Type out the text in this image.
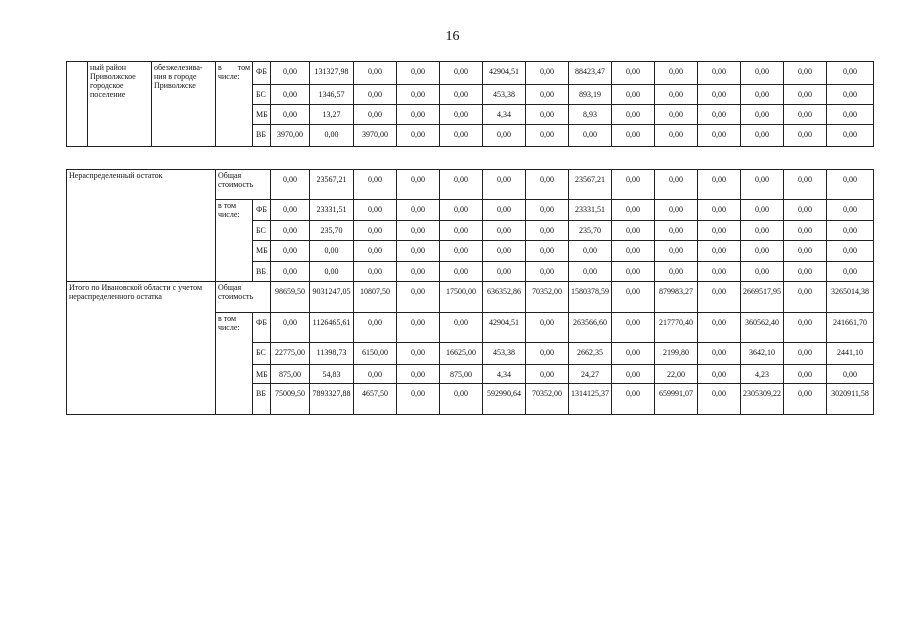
16
	ный район Приволжское городское поселение	обезжелезива-ния в городе Приволжске	в том числе:	ФБ	0,00	131327,98	0,00	0,00	0,00	42904,51	0,00	88423,47	0,00	0,00	0,00	0,00	0,00	0,00
				БС	0,00	1346,57	0,00	0,00	0,00	453,38	0,00	893,19	0,00	0,00	0,00	0,00	0,00	0,00
				МБ	0,00	13,27	0,00	0,00	0,00	4,34	0,00	8,93	0,00	0,00	0,00	0,00	0,00	0,00
				ВБ	3970,00	0,00	3970,00	0,00	0,00	0,00	0,00	0,00	0,00	0,00	0,00	0,00	0,00	0,00
Нераспределенный остаток	Общая стоимость		0,00	23567,21	0,00	0,00	0,00	0,00	0,00	23567,21	0,00	0,00	0,00	0,00	0,00	0,00
	в том числе:	ФБ	0,00	23331,51	0,00	0,00	0,00	0,00	0,00	23331,51	0,00	0,00	0,00	0,00	0,00	0,00
		БС	0,00	235,70	0,00	0,00	0,00	0,00	0,00	235,70	0,00	0,00	0,00	0,00	0,00	0,00
		МБ	0,00	0,00	0,00	0,00	0,00	0,00	0,00	0,00	0,00	0,00	0,00	0,00	0,00	0,00
		ВБ	0,00	0,00	0,00	0,00	0,00	0,00	0,00	0,00	0,00	0,00	0,00	0,00	0,00	0,00
Итого по Ивановской области с учетом нераспределенного остатка	Общая стоимость		98659,50	9031247,05	10807,50	0,00	17500,00	636352,86	70352,00	1580378,59	0,00	879983,27	0,00	2669517,95	0,00	3265014,38
	в том числе:	ФБ	0,00	1126465,61	0,00	0,00	0,00	42904,51	0,00	263566,60	0,00	217770,40	0,00	360562,40	0,00	241661,70
		БС	22775,00	11398,73	6150,00	0,00	16625,00	453,38	0,00	2662,35	0,00	2199,80	0,00	3642,10	0,00	2441,10
		МБ	875,00	54,83	0,00	0,00	875,00	4,34	0,00	24,27	0,00	22,00	0,00	4,23	0,00	0,00
		ВБ	75009,50	7893327,88	4657,50	0,00	0,00	592990,64	70352,00	1314125,37	0,00	659991,07	0,00	2305309,22	0,00	3020911,58
